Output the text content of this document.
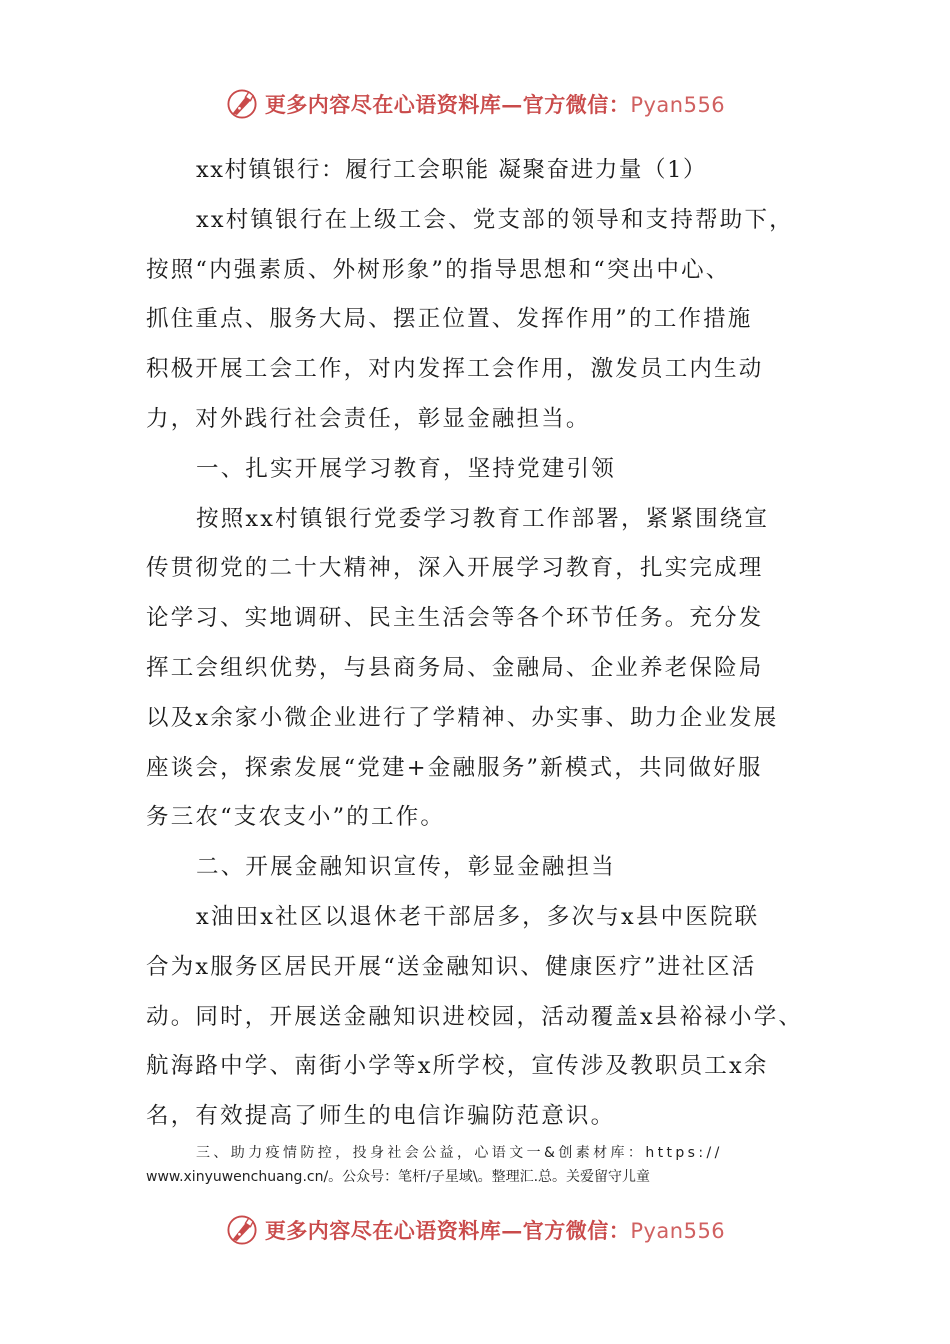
更多内容尽在心语资料库—官方微信：Pyan556
xx村镇银行：履行工会职能 凝聚奋进力量（1）
xx村镇银行在上级工会、党支部的领导和支持帮助下，
按照“内强素质、外树形象”的指导思想和“突出中心、
抓住重点、服务大局、摆正位置、发挥作用”的工作措施
积极开展工会工作，对内发挥工会作用，激发员工内生动
力，对外践行社会责任，彰显金融担当。
一、扎实开展学习教育，坚持党建引领
按照xx村镇银行党委学习教育工作部署，紧紧围绕宣
传贯彻党的二十大精神，深入开展学习教育，扎实完成理
论学习、实地调研、民主生活会等各个环节任务。充分发
挥工会组织优势，与县商务局、金融局、企业养老保险局
以及x余家小微企业进行了学精神、办实事、助力企业发展
座谈会，探索发展“党建+金融服务”新模式，共同做好服
务三农“支农支小”的工作。
二、开展金融知识宣传，彰显金融担当
x油田x社区以退休老干部居多，多次与x县中医院联
合为x服务区居民开展“送金融知识、健康医疗”进社区活
动。同时，开展送金融知识进校园，活动覆盖x县裕禄小学、
航海路中学、南街小学等x所学校，宣传涉及教职员工x余
名，有效提高了师生的电信诈骗防范意识。
三、助力疫情防控，投身社会公益，心语文一&创素材库：https://
www.xinyuwenchuang.cn/。公众号：笔杆/子星域\。整理汇.总。关爱留守儿童
更多内容尽在心语资料库—官方微信：Pyan556
